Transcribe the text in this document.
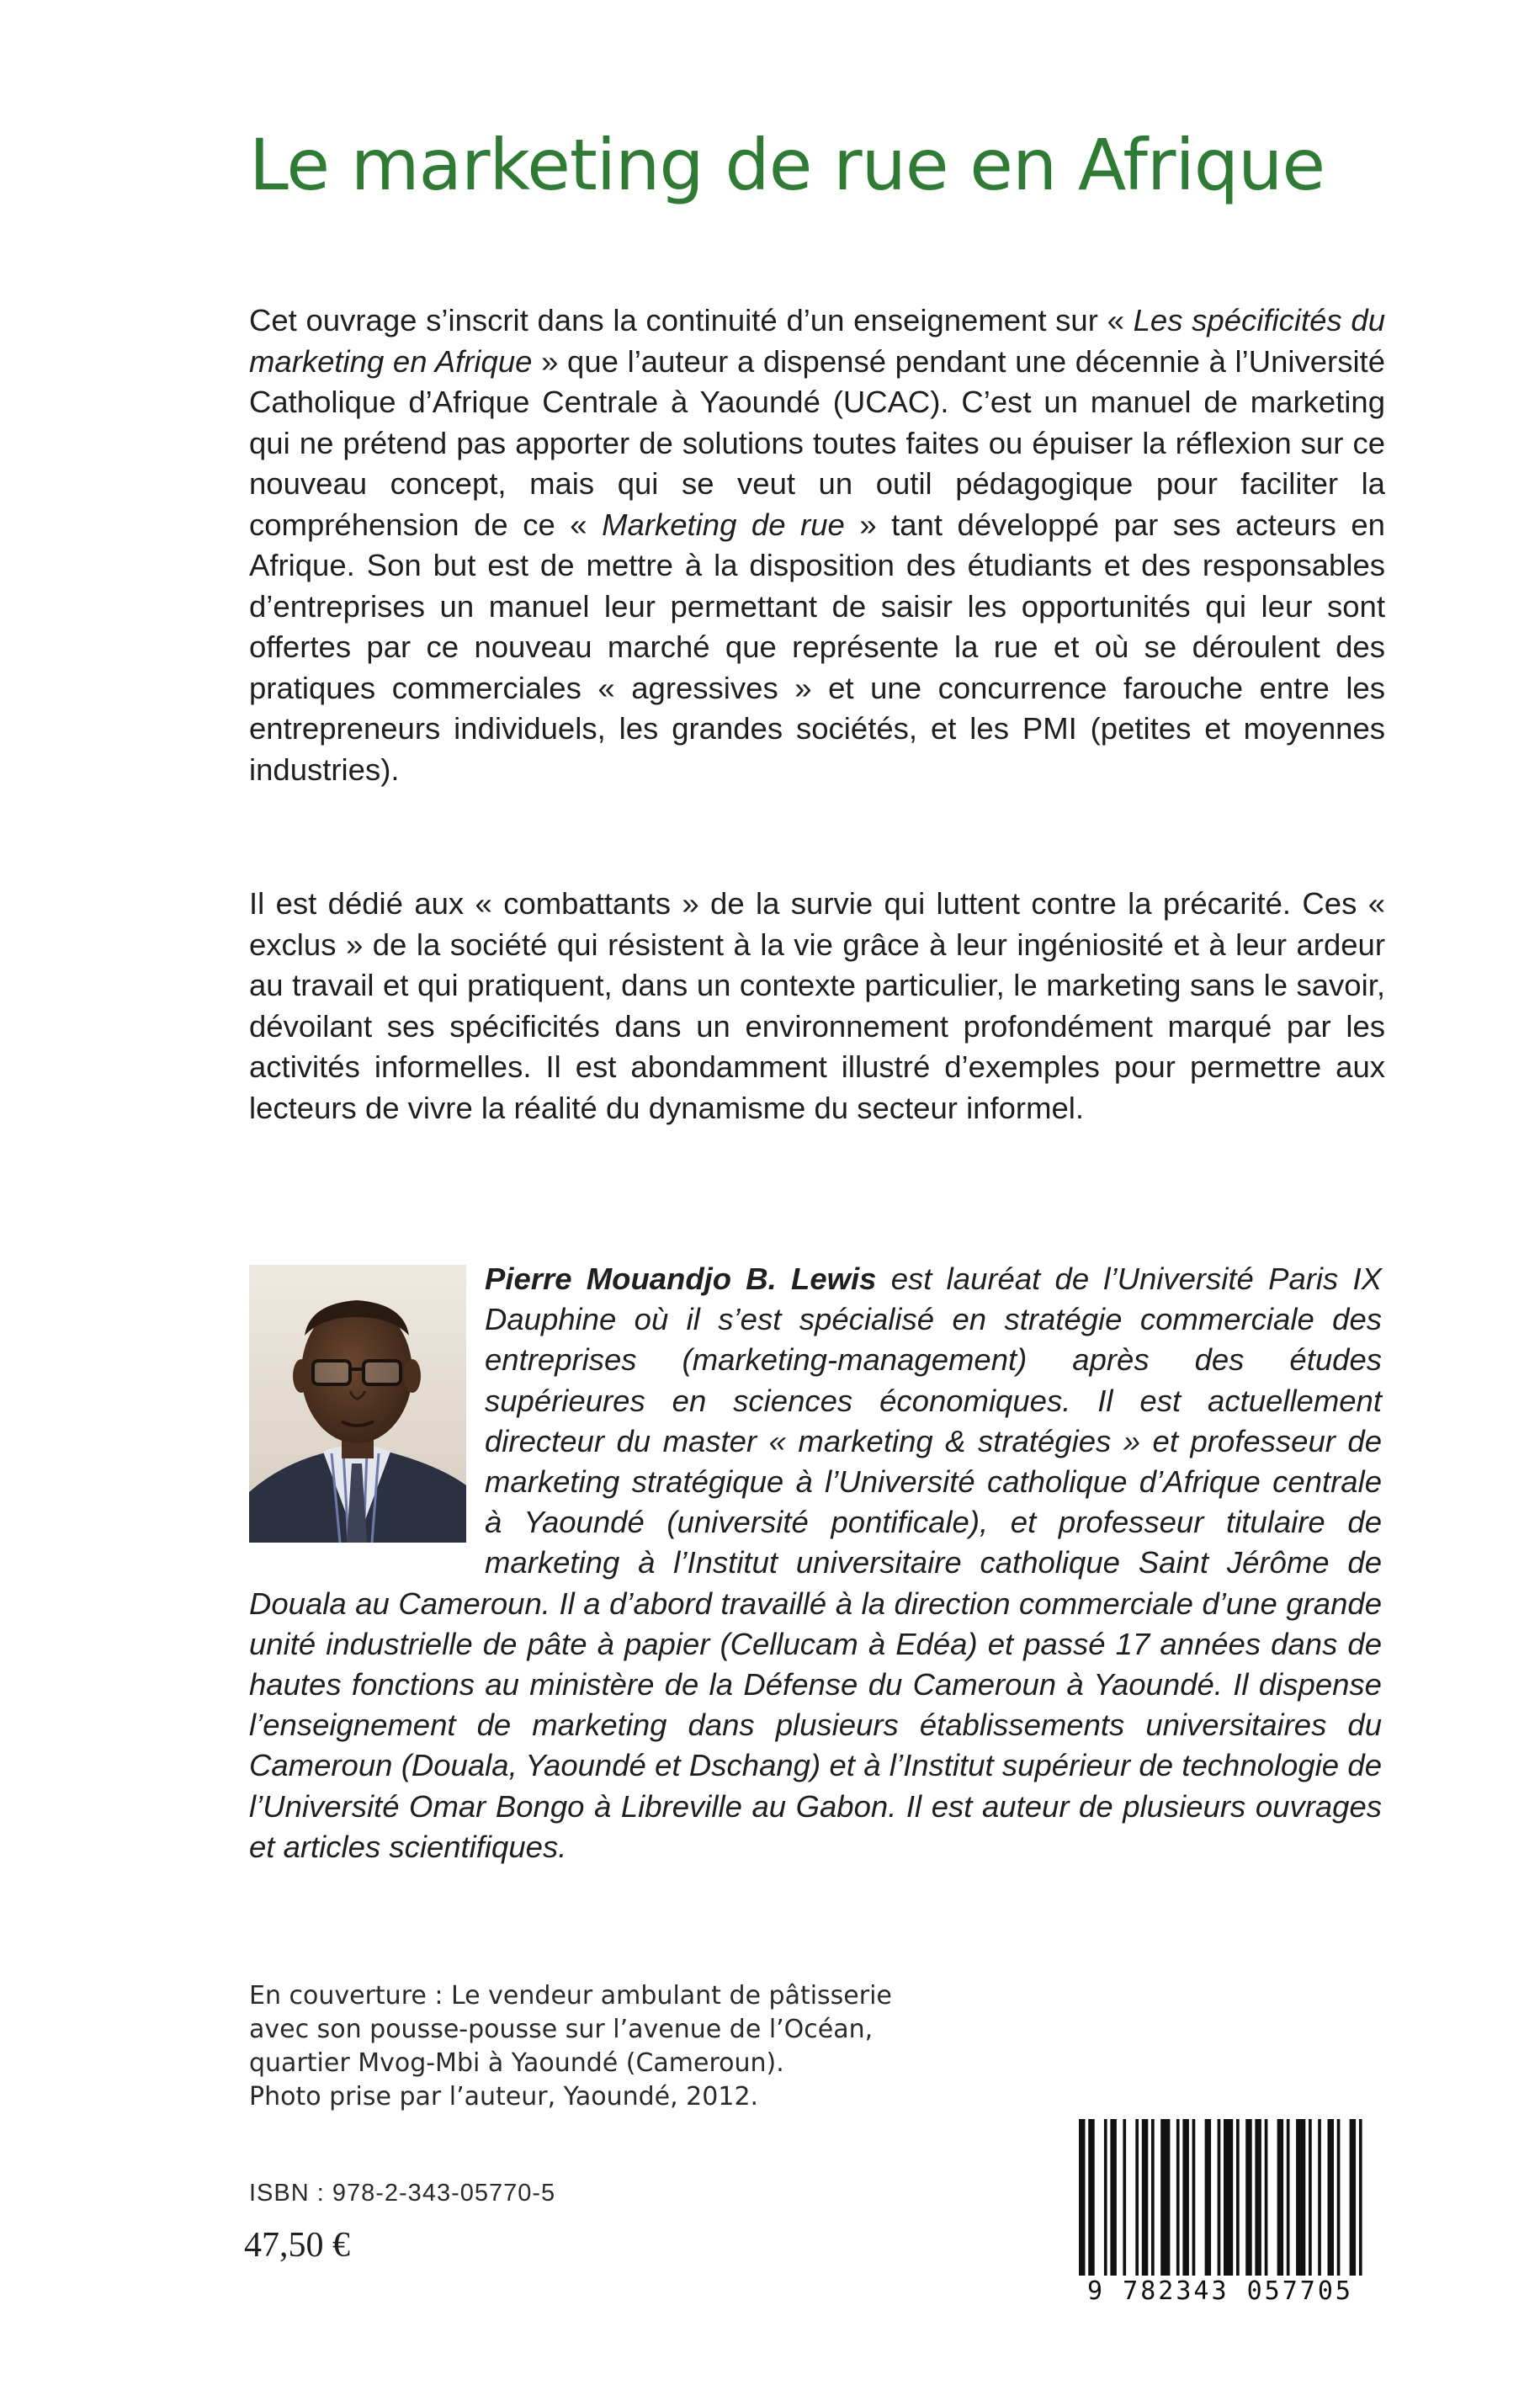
Le marketing de rue en Afrique

Cet ouvrage s’inscrit dans la continuité d’un enseignement sur « Les spécificités du marketing en Afrique » que l’auteur a dispensé pendant une décennie à l’Université Catholique d’Afrique Centrale à Yaoundé (UCAC). C’est un manuel de marketing qui ne prétend pas apporter de solutions toutes faites ou épuiser la réflexion sur ce nouveau concept, mais qui se veut un outil pédagogique pour faciliter la compréhension de ce « Marketing de rue » tant développé par ses acteurs en Afrique. Son but est de mettre à la disposition des étudiants et des responsables d’entreprises un manuel leur permettant de saisir les opportunités qui leur sont offertes par ce nouveau marché que représente la rue et où se déroulent des pratiques commerciales « agressives » et une concurrence farouche entre les entrepreneurs individuels, les grandes sociétés, et les PMI (petites et moyennes industries).

Il est dédié aux « combattants » de la survie qui luttent contre la précarité. Ces « exclus » de la société qui résistent à la vie grâce à leur ingéniosité et à leur ardeur au travail et qui pratiquent, dans un contexte particulier, le marketing sans le savoir, dévoilant ses spécificités dans un environnement profondément marqué par les activités informelles. Il est abondamment illustré d’exemples pour permettre aux lecteurs de vivre la réalité du dynamisme du secteur informel.

Pierre Mouandjo B. Lewis est lauréat de l’Université Paris IX Dauphine où il s’est spécialisé en stratégie commerciale des entreprises (marketing-management) après des études supérieures en sciences économiques. Il est actuellement directeur du master « marketing & stratégies » et professeur de marketing stratégique à l’Université catholique d’Afrique centrale à Yaoundé (université pontificale), et professeur titulaire de marketing à l’Institut universitaire catholique Saint Jérôme de Douala au Cameroun. Il a d’abord travaillé à la direction commerciale d’une grande unité industrielle de pâte à papier (Cellucam à Edéa) et passé 17 années dans de hautes fonctions au ministère de la Défense du Cameroun à Yaoundé. Il dispense l’enseignement de marketing dans plusieurs établissements universitaires du Cameroun (Douala, Yaoundé et Dschang) et à l’Institut supérieur de technologie de l’Université Omar Bongo à Libreville au Gabon. Il est auteur de plusieurs ouvrages et articles scientifiques.

En couverture : Le vendeur ambulant de pâtisserie
avec son pousse-pousse sur l’avenue de l’Océan,
quartier Mvog-Mbi à Yaoundé (Cameroun).
Photo prise par l’auteur, Yaoundé, 2012.
ISBN : 978-2-343-05770-5
47,50 €
9 782343 057705
